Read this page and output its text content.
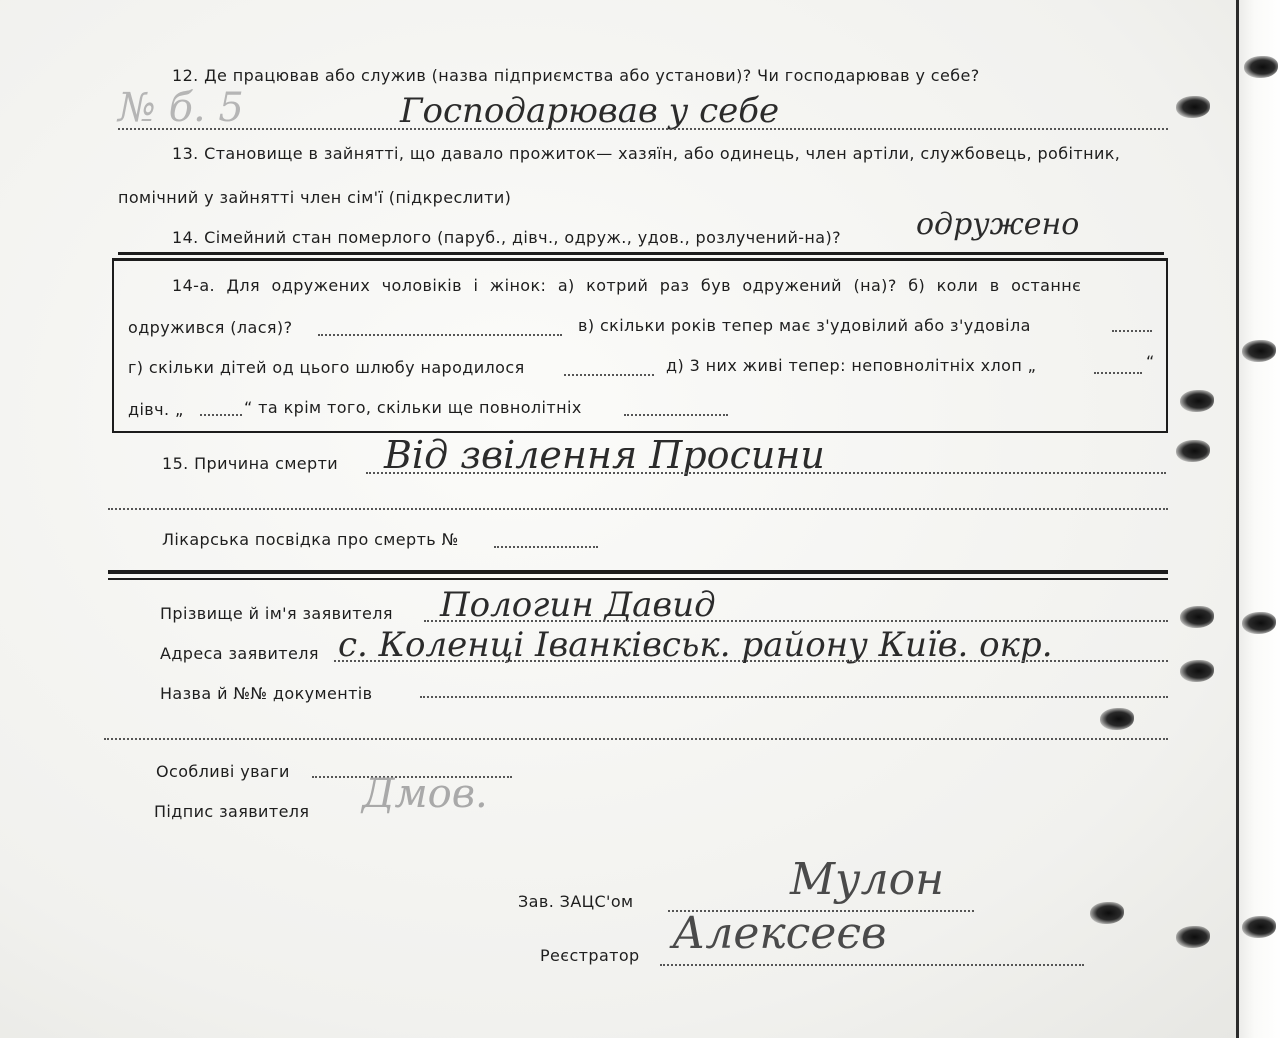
12. Де працював або служив (назва підприємства або установи)? Чи господарював у себе?
№ б. 5	Господарював у себе
13. Становище в зайнятті, що давало прожиток— хазяїн, або одинець, член артіли, службовець, робітник,
помічний у зайнятті член сім'ї (підкреслити)
14. Сімейний стан померлого (паруб., дівч., одруж., удов., розлучений-на)? одружено
14-а. Для одружених чоловіків і жінок: а) котрий раз був одружений (на)? б) коли в останнє
одружився (лася)?	в) скільки років тепер має з'удовілий або з'удовіла
г) скільки дітей од цього шлюбу народилося	д) 3 них живі тепер: неповнолітніх хлоп „	“
дівч. „	“ та крім того, скільки ще повнолітніх
15. Причина смерти Від звілення Просини
Лікарська посвідка про смерть №
Прізвище й ім'я заявителя Пологин Давид
Адреса заявителя с. Коленці Іванківськ. району Київ. окр.
Назва й №№ документів
Особливі уваги
Підпис заявителя Дмов.
Зав. ЗАЦС'ом	Мулон
Реєстратор Алексеєв
